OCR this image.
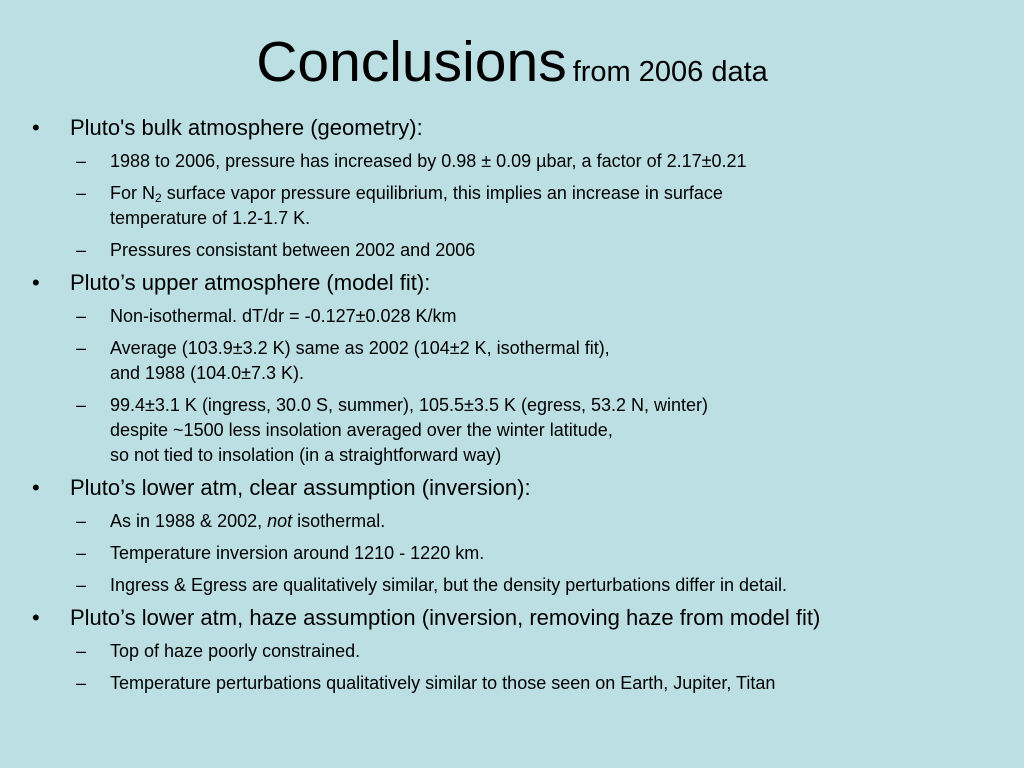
Conclusions from 2006 data
• Pluto's bulk atmosphere (geometry):
– 1988 to 2006, pressure has increased by 0.98 ± 0.09 µbar, a factor of 2.17±0.21
– For $N_2$ surface vapor pressure equilibrium, this implies an increase in surface
temperature of 1.2-1.7 K.
– Pressures consistant between 2002 and 2006
• Pluto’s upper atmosphere (model fit):
– Non-isothermal. dT/dr = -0.127±0.028 K/km
– Average (103.9±3.2 K) same as 2002 (104±2 K, isothermal fit),
and 1988 (104.0±7.3 K).
– 99.4±3.1 K (ingress, 30.0 S, summer), 105.5±3.5 K (egress, 53.2 N, winter)
despite ~1500 less insolation averaged over the winter latitude,
so not tied to insolation (in a straightforward way)
• Pluto’s lower atm, clear assumption (inversion):
– As in 1988 & 2002, not isothermal.
– Temperature inversion around 1210 - 1220 km.
– Ingress & Egress are qualitatively similar, but the density perturbations differ in detail.
• Pluto’s lower atm, haze assumption (inversion, removing haze from model fit)
– Top of haze poorly constrained.
– Temperature perturbations qualitatively similar to those seen on Earth, Jupiter, Titan
